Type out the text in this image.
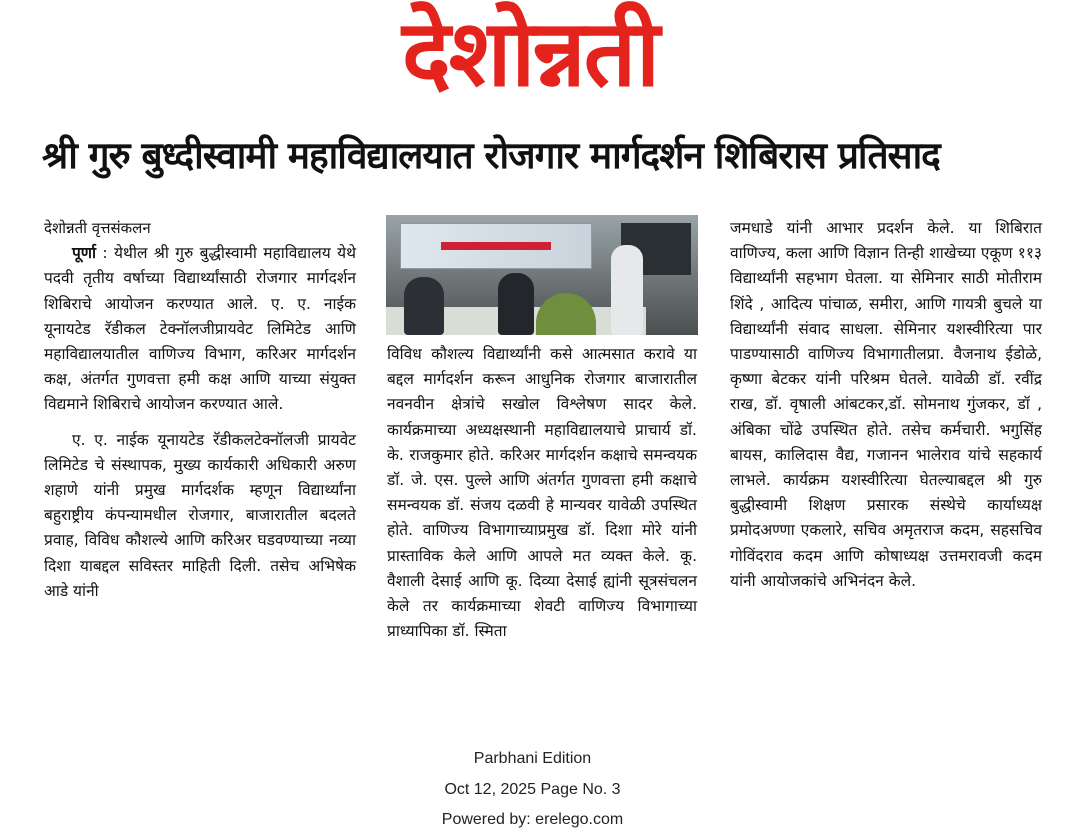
देशोन्नती
श्री गुरु बुध्दीस्वामी महाविद्यालयात रोजगार मार्गदर्शन शिबिरास प्रतिसाद

देशोन्नती वृत्तसंकलन

पूर्णा : येथील श्री गुरु बुद्धीस्वामी महाविद्यालय येथे पदवी तृतीय वर्षाच्या विद्यार्थ्यांसाठी रोजगार मार्गदर्शन शिबिराचे आयोजन करण्यात आले. ए. ए. नाईक यूनायटेड रॅडीकल टेक्नॉलजीप्रायवेट लिमिटेड आणि महाविद्यालयातील वाणिज्य विभाग, करिअर मार्गदर्शन कक्ष, अंतर्गत गुणवत्ता हमी कक्ष आणि याच्या संयुक्त विद्यमाने शिबिराचे आयोजन करण्यात आले.

ए. ए. नाईक यूनायटेड रॅडीकलटेक्नॉलजी प्रायवेट लिमिटेड चे संस्थापक, मुख्य कार्यकारी अधिकारी अरुण शहाणे यांनी प्रमुख मार्गदर्शक म्हणून विद्यार्थ्यांना बहुराष्ट्रीय कंपन्यामधील रोजगार, बाजारातील बदलते प्रवाह, विविध कौशल्ये आणि करिअर घडवण्याच्या नव्या दिशा याबद्दल सविस्तर माहिती दिली. तसेच अभिषेक आडे यांनी

विविध कौशल्य विद्यार्थ्यांनी कसे आत्मसात करावे या बद्दल मार्गदर्शन करून आधुनिक रोजगार बाजारातील नवनवीन क्षेत्रांचे सखोल विश्लेषण सादर केले. कार्यक्रमाच्या अध्यक्षस्थानी महाविद्यालयाचे प्राचार्य डॉ. के. राजकुमार होते. करिअर मार्गदर्शन कक्षाचे समन्वयक डॉ. जे. एस. पुल्ले आणि अंतर्गत गुणवत्ता हमी कक्षाचे समन्वयक डॉ. संजय दळवी हे मान्यवर यावेळी उपस्थित होते. वाणिज्य विभागाच्याप्रमुख डॉ. दिशा मोरे यांनी प्रास्ताविक केले आणि आपले मत व्यक्त केले. कू. वैशाली देसाई आणि कू. दिव्या देसाई ह्यांनी सूत्रसंचलन केले तर कार्यक्रमाच्या शेवटी वाणिज्य विभागाच्या प्राध्यापिका डॉ. स्मिता

जमधाडे यांनी आभार प्रदर्शन केले. या शिबिरात वाणिज्य, कला आणि विज्ञान तिन्ही शाखेच्या एकूण ११३ विद्यार्थ्यांनी सहभाग घेतला. या सेमिनार साठी मोतीराम शिंदे , आदित्य पांचाळ, समीरा, आणि गायत्री बुचले या विद्यार्थ्यांनी संवाद साधला. सेमिनार यशस्वीरित्या पार पाडण्यासाठी वाणिज्य विभागातीलप्रा. वैजनाथ ईडोळे, कृष्णा बेटकर यांनी परिश्रम घेतले. यावेळी डॉ. रवींद्र राख, डॉ. वृषाली आंबटकर,डॉ. सोमनाथ गुंजकर, डॉ , अंबिका चोंढे उपस्थित होते. तसेच कर्मचारी. भगुसिंह बायस, कालिदास वैद्य, गजानन भालेराव यांचे सहकार्य लाभले. कार्यक्रम यशस्वीरित्या घेतल्याबद्दल श्री गुरु बुद्धीस्वामी शिक्षण प्रसारक संस्थेचे कार्याध्यक्ष प्रमोदअण्णा एकलारे, सचिव अमृतराज कदम, सहसचिव गोविंदराव कदम आणि कोषाध्यक्ष उत्तमरावजी कदम यांनी आयोजकांचे अभिनंदन केले.

Parbhani Edition
Oct 12, 2025 Page No. 3
Powered by: erelego.com
